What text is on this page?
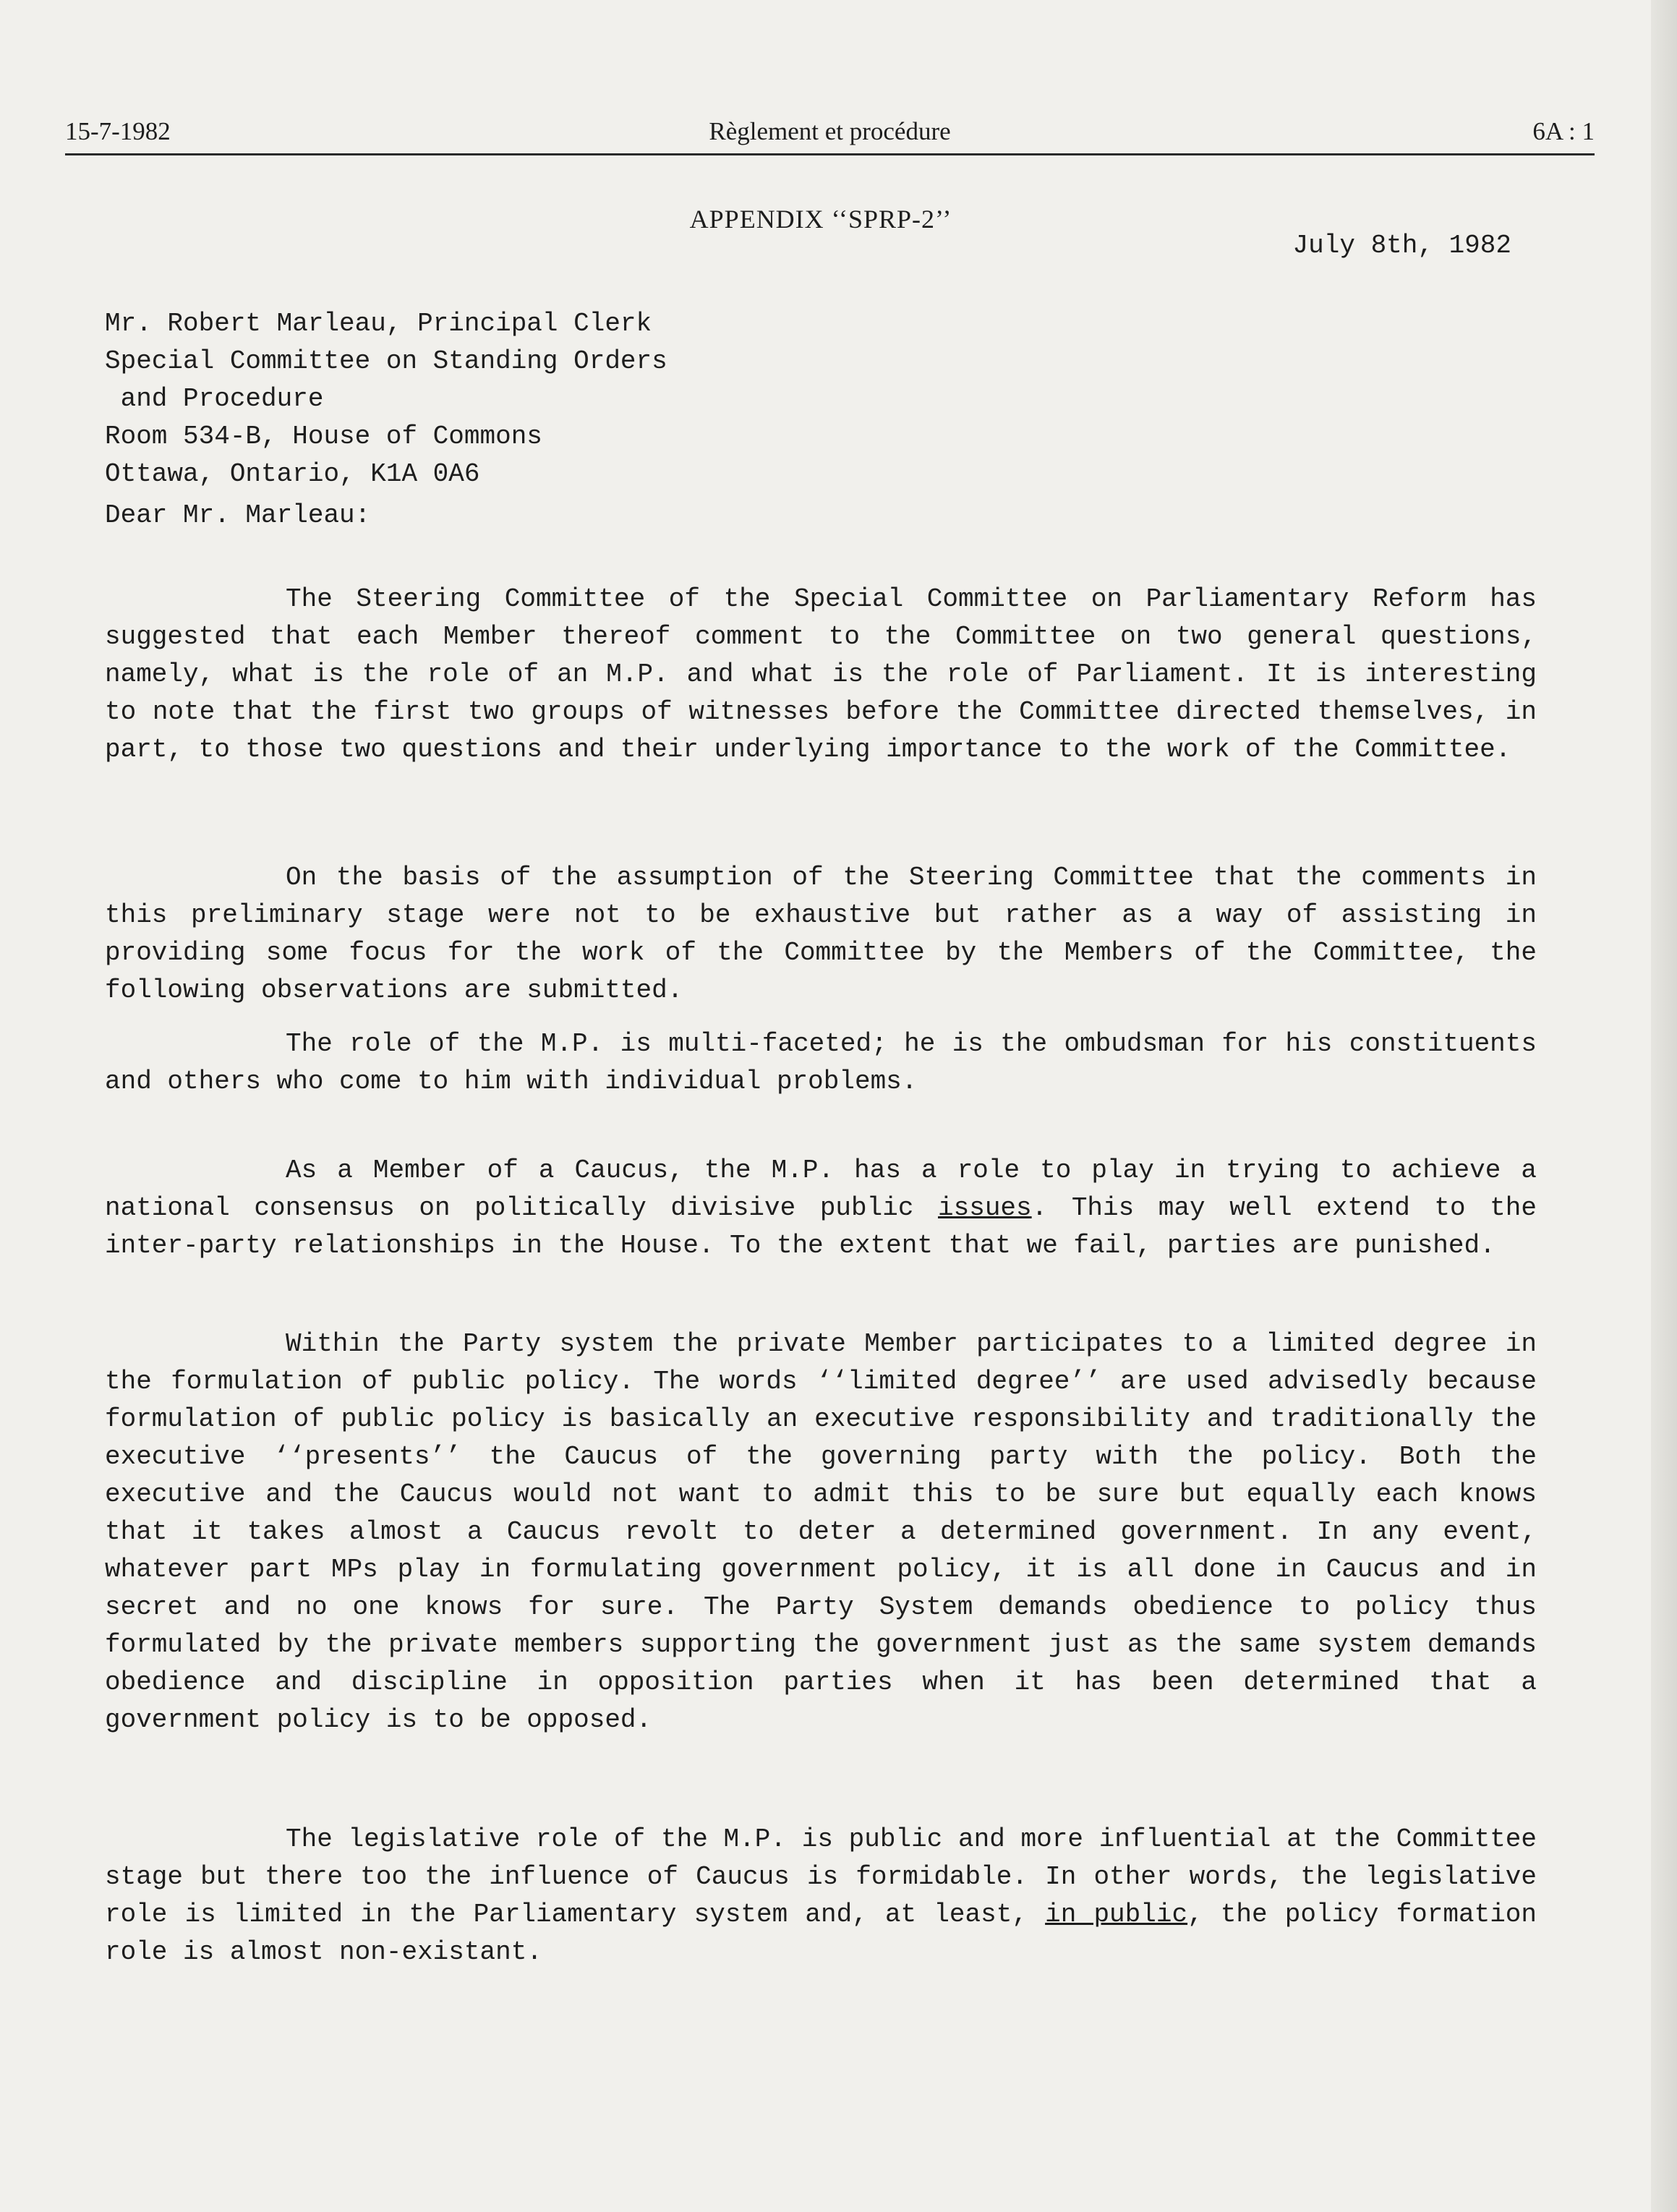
15-7-1982	Règlement et procédure	6A : 1
APPENDIX ‘‘SPRP-2’’
July 8th, 1982
Mr. Robert Marleau, Principal Clerk
Special Committee on Standing Orders
and Procedure
Room 534-B, House of Commons
Ottawa, Ontario, K1A 0A6
Dear Mr. Marleau:

The Steering Committee of the Special Committee on Parliamentary Reform has suggested that each Member thereof comment to the Committee on two general questions, namely, what is the role of an M.P. and what is the role of Parliament. It is interesting to note that the first two groups of witnesses before the Committee directed themselves, in part, to those two questions and their underlying importance to the work of the Committee.

On the basis of the assumption of the Steering Committee that the comments in this preliminary stage were not to be exhaustive but rather as a way of assisting in providing some focus for the work of the Committee by the Members of the Committee, the following observations are submitted.

The role of the M.P. is multi-faceted; he is the ombudsman for his constituents and others who come to him with individual problems.

As a Member of a Caucus, the M.P. has a role to play in trying to achieve a national consensus on politically divisive public issues. This may well extend to the inter-party relationships in the House. To the extent that we fail, parties are punished.

Within the Party system the private Member participates to a limited degree in the formulation of public policy. The words ‘‘limited degree’’ are used advisedly because formulation of public policy is basically an executive responsibility and traditionally the executive ‘‘presents’’ the Caucus of the governing party with the policy. Both the executive and the Caucus would not want to admit this to be sure but equally each knows that it takes almost a Caucus revolt to deter a determined government. In any event, whatever part MPs play in formulating government policy, it is all done in Caucus and in secret and no one knows for sure. The Party System demands obedience to policy thus formulated by the private members supporting the government just as the same system demands obedience and discipline in opposition parties when it has been determined that a government policy is to be opposed.

The legislative role of the M.P. is public and more influential at the Committee stage but there too the influence of Caucus is formidable. In other words, the legislative role is limited in the Parliamentary system and, at least, in public, the policy formation role is almost non-existant.
